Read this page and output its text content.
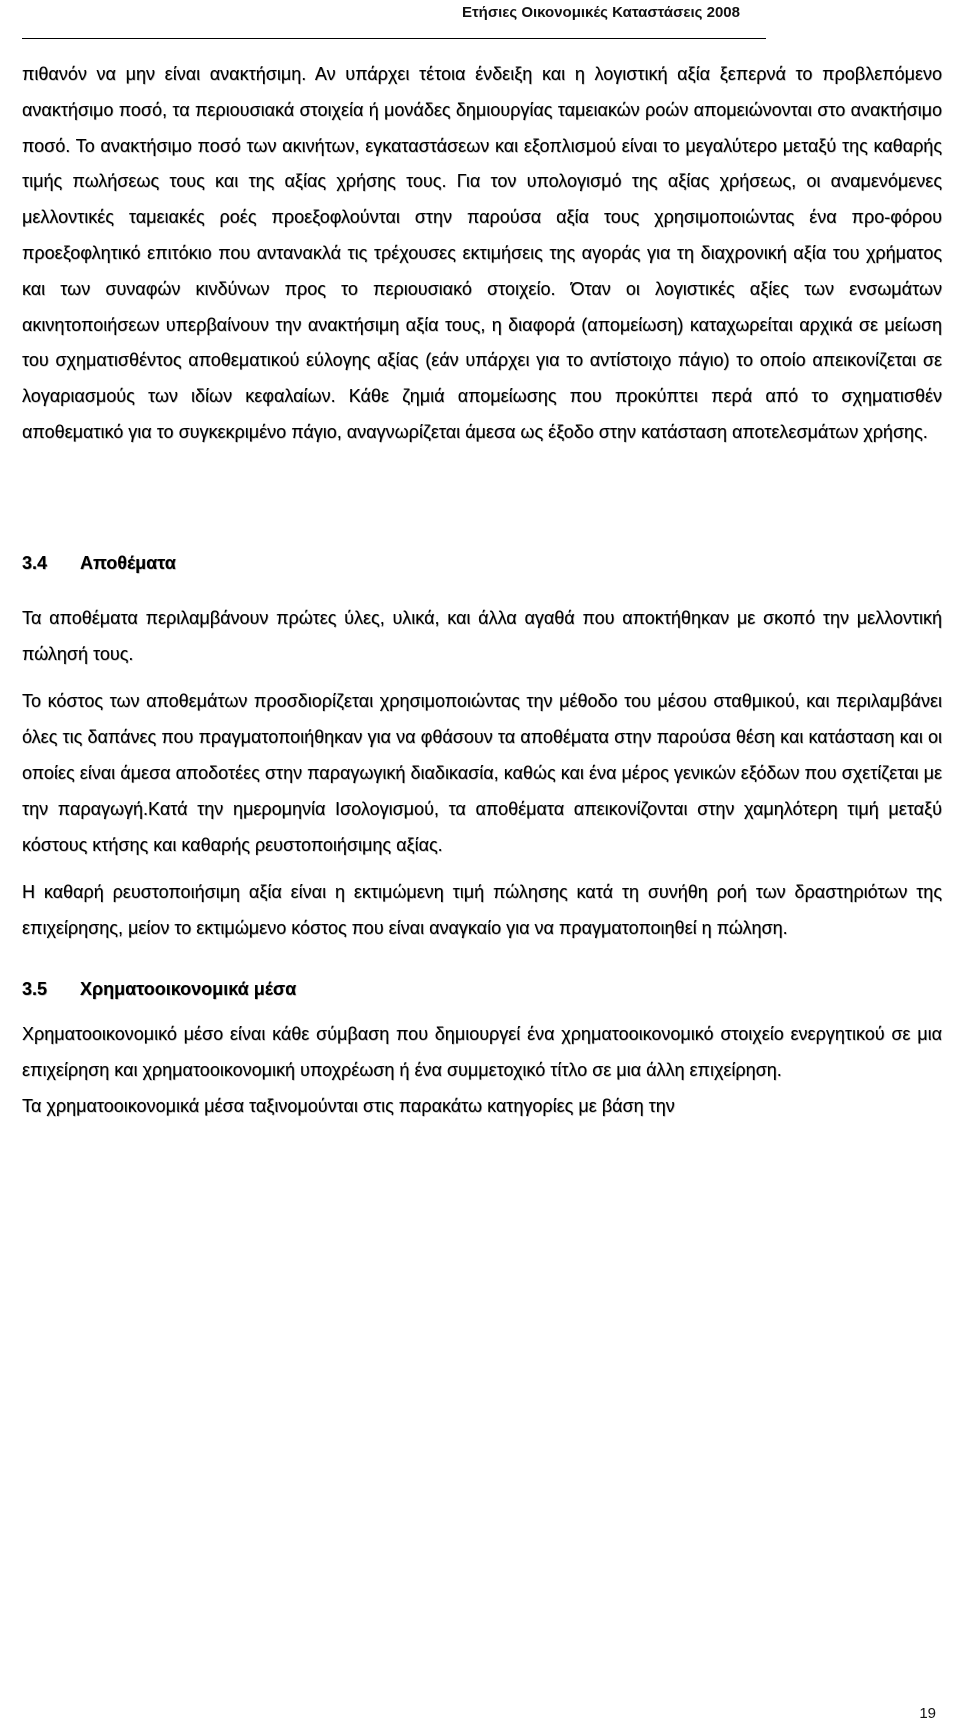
Ετήσιες Οικονομικές Καταστάσεις 2008

πιθανόν να μην είναι ανακτήσιμη. Αν υπάρχει τέτοια ένδειξη και η λογιστική αξία ξεπερνά το προβλεπόμενο ανακτήσιμο ποσό, τα περιουσιακά στοιχεία ή μονάδες δημιουργίας ταμειακών ροών απομειώνονται στο ανακτήσιμο ποσό. Το ανακτήσιμο ποσό των ακινήτων, εγκαταστάσεων και εξοπλισμού είναι το μεγαλύτερο μεταξύ της καθαρής τιμής πωλήσεως τους και της αξίας χρήσης τους. Για τον υπολογισμό της αξίας χρήσεως, οι αναμενόμενες μελλοντικές ταμειακές ροές προεξοφλούνται στην παρούσα αξία τους χρησιμοποιώντας ένα προ-φόρου προεξοφλητικό επιτόκιο που αντανακλά τις τρέχουσες εκτιμήσεις της αγοράς για τη διαχρονική αξία του χρήματος και των συναφών κινδύνων προς το περιουσιακό στοιχείο. Όταν οι λογιστικές αξίες των ενσωμάτων ακινητοποιήσεων υπερβαίνουν την ανακτήσιμη αξία τους, η διαφορά (απομείωση) καταχωρείται αρχικά σε μείωση του σχηματισθέντος αποθεματικού εύλογης αξίας (εάν υπάρχει για το αντίστοιχο πάγιο) το οποίο απεικονίζεται σε λογαριασμούς των ιδίων κεφαλαίων. Κάθε ζημιά απομείωσης που προκύπτει περά από το σχηματισθέν αποθεματικό για το συγκεκριμένο πάγιο, αναγνωρίζεται άμεσα ως έξοδο στην κατάσταση αποτελεσμάτων χρήσης.

3.4 Αποθέματα

Τα αποθέματα περιλαμβάνουν πρώτες ύλες, υλικά, και άλλα αγαθά που αποκτήθηκαν με σκοπό την μελλοντική πώλησή τους.

Το κόστος των αποθεμάτων προσδιορίζεται χρησιμοποιώντας την μέθοδο του μέσου σταθμικού, και περιλαμβάνει όλες τις δαπάνες που πραγματοποιήθηκαν για να φθάσουν τα αποθέματα στην παρούσα θέση και κατάσταση και οι οποίες είναι άμεσα αποδοτέες στην παραγωγική διαδικασία, καθώς και ένα μέρος γενικών εξόδων που σχετίζεται με την παραγωγή.Κατά την ημερομηνία Ισολογισμού, τα αποθέματα απεικονίζονται στην χαμηλότερη τιμή μεταξύ κόστους κτήσης και καθαρής ρευστοποιήσιμης αξίας.

Η καθαρή ρευστοποιήσιμη αξία είναι η εκτιμώμενη τιμή πώλησης κατά τη συνήθη ροή των δραστηριότων της επιχείρησης, μείον το εκτιμώμενο κόστος που είναι αναγκαίο για να πραγματοποιηθεί η πώληση.

3.5 Χρηματοοικονομικά μέσα

Χρηματοοικονομικό μέσο είναι κάθε σύμβαση που δημιουργεί ένα χρηματοοικονομικό στοιχείο ενεργητικού σε μια επιχείρηση και χρηματοοικονομική υποχρέωση ή ένα συμμετοχικό τίτλο σε μια άλλη επιχείρηση.

Τα χρηματοοικονομικά μέσα ταξινομούνται στις παρακάτω κατηγορίες με βάση την

19
